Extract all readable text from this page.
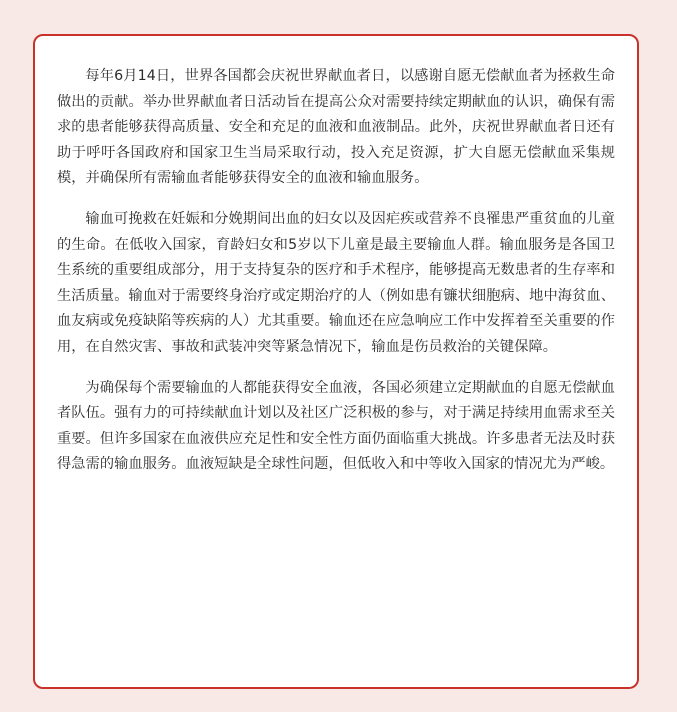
每年6月14日，世界各国都会庆祝世界献血者日，以感谢自愿无偿献血者为拯救生命做出的贡献。举办世界献血者日活动旨在提高公众对需要持续定期献血的认识，确保有需求的患者能够获得高质量、安全和充足的血液和血液制品。此外，庆祝世界献血者日还有助于呼吁各国政府和国家卫生当局采取行动，投入充足资源，扩大自愿无偿献血采集规模，并确保所有需输血者能够获得安全的血液和输血服务。

输血可挽救在妊娠和分娩期间出血的妇女以及因疟疾或营养不良罹患严重贫血的儿童的生命。在低收入国家，育龄妇女和5岁以下儿童是最主要输血人群。输血服务是各国卫生系统的重要组成部分，用于支持复杂的医疗和手术程序，能够提高无数患者的生存率和生活质量。输血对于需要终身治疗或定期治疗的人（例如患有镰状细胞病、地中海贫血、血友病或免疫缺陷等疾病的人）尤其重要。输血还在应急响应工作中发挥着至关重要的作用，在自然灾害、事故和武装冲突等紧急情况下，输血是伤员救治的关键保障。

为确保每个需要输血的人都能获得安全血液，各国必须建立定期献血的自愿无偿献血者队伍。强有力的可持续献血计划以及社区广泛积极的参与，对于满足持续用血需求至关重要。但许多国家在血液供应充足性和安全性方面仍面临重大挑战。许多患者无法及时获得急需的输血服务。血液短缺是全球性问题，但低收入和中等收入国家的情况尤为严峻。
